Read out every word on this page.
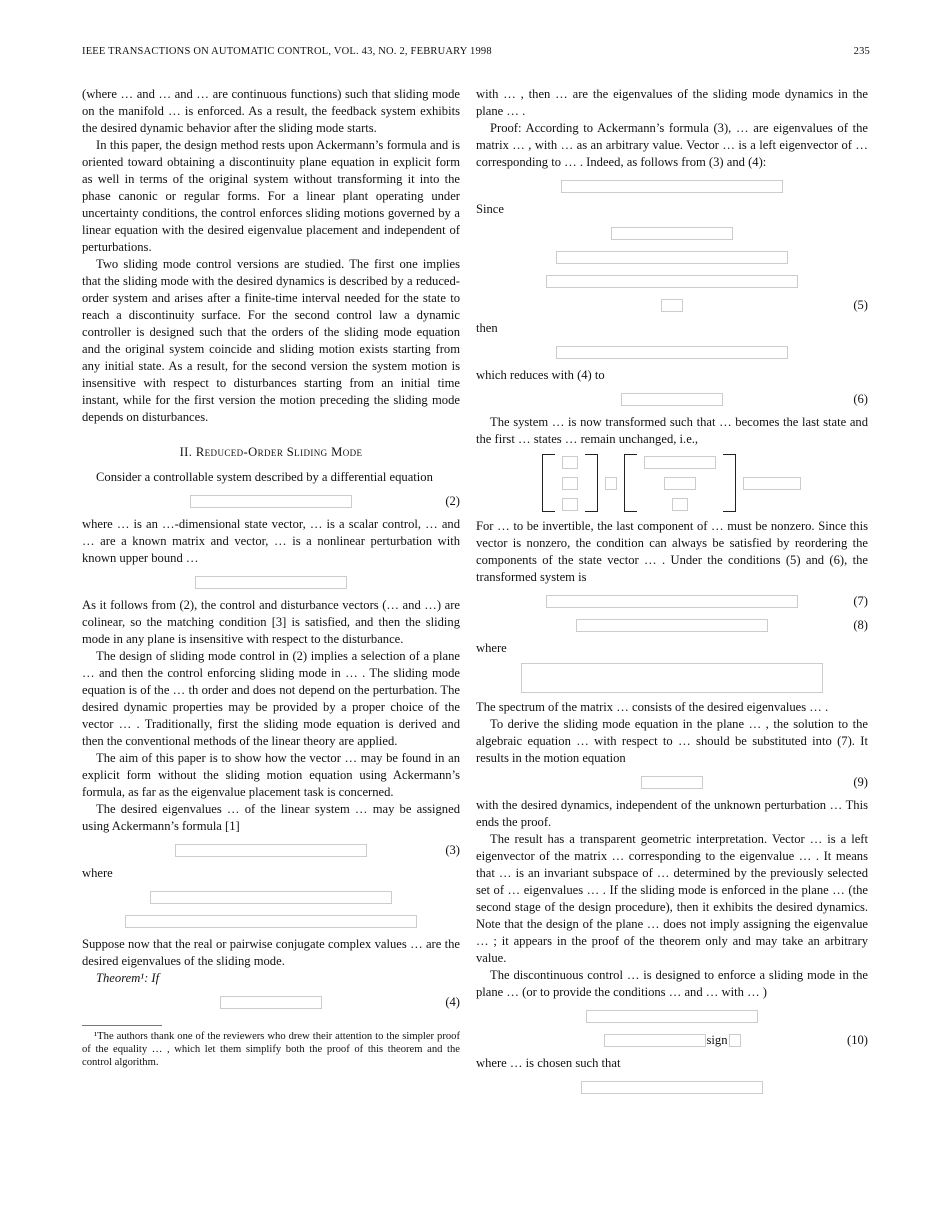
IEEE TRANSACTIONS ON AUTOMATIC CONTROL, VOL. 43, NO. 2, FEBRUARY 1998	235

(where … and … and … are continuous functions) such that sliding mode on the manifold … is enforced. As a result, the feedback system exhibits the desired dynamic behavior after the sliding mode starts.

In this paper, the design method rests upon Ackermann’s formula and is oriented toward obtaining a discontinuity plane equation in explicit form as well in terms of the original system without transforming it into the phase canonic or regular forms. For a linear plant operating under uncertainty conditions, the control enforces sliding motions governed by a linear equation with the desired eigenvalue placement and independent of perturbations.

Two sliding mode control versions are studied. The first one implies that the sliding mode with the desired dynamics is described by a reduced-order system and arises after a finite-time interval needed for the state to reach a discontinuity surface. For the second control law a dynamic controller is designed such that the orders of the sliding mode equation and the original system coincide and sliding motion exists starting from any initial state. As a result, for the second version the system motion is insensitive with respect to disturbances starting from an initial time instant, while for the first version the motion preceding the sliding mode depends on disturbances.

II. Reduced-Order Sliding Mode

Consider a controllable system described by a differential equation

(2)

where … is an …-dimensional state vector, … is a scalar control, … and … are a known matrix and vector, … is a nonlinear perturbation with known upper bound …

As it follows from (2), the control and disturbance vectors (… and …) are colinear, so the matching condition [3] is satisfied, and then the sliding mode in any plane is insensitive with respect to the disturbance.

The design of sliding mode control in (2) implies a selection of a plane … and then the control enforcing sliding mode in … . The sliding mode equation is of the … th order and does not depend on the perturbation. The desired dynamic properties may be provided by a proper choice of the vector … . Traditionally, first the sliding mode equation is derived and then the conventional methods of the linear theory are applied.

The aim of this paper is to show how the vector … may be found in an explicit form without the sliding motion equation using Ackermann’s formula, as far as the eigenvalue placement task is concerned.

The desired eigenvalues … of the linear system … may be assigned using Ackermann’s formula [1]

(3)

where

Suppose now that the real or pairwise conjugate complex values … are the desired eigenvalues of the sliding mode.

Theorem¹: If

(4)

¹The authors thank one of the reviewers who drew their attention to the simpler proof of the equality … , which let them simplify both the proof of this theorem and the control algorithm.

with … , then … are the eigenvalues of the sliding mode dynamics in the plane … .

Proof: According to Ackermann’s formula (3), … are eigenvalues of the matrix … , with … as an arbitrary value. Vector … is a left eigenvector of … corresponding to … . Indeed, as follows from (3) and (4):

Since

(5)

then

which reduces with (4) to

(6)

The system … is now transformed such that … becomes the last state and the first … states … remain unchanged, i.e.,

For … to be invertible, the last component of … must be nonzero. Since this vector is nonzero, the condition can always be satisfied by reordering the components of the state vector … . Under the conditions (5) and (6), the transformed system is

(7)
(8)

where

The spectrum of the matrix … consists of the desired eigenvalues … .

To derive the sliding mode equation in the plane … , the solution to the algebraic equation … with respect to … should be substituted into (7). It results in the motion equation

(9)

with the desired dynamics, independent of the unknown perturbation … This ends the proof.

The result has a transparent geometric interpretation. Vector … is a left eigenvector of the matrix … corresponding to the eigenvalue … . It means that … is an invariant subspace of … determined by the previously selected set of … eigenvalues … . If the sliding mode is enforced in the plane … (the second stage of the design procedure), then it exhibits the desired dynamics. Note that the design of the plane … does not imply assigning the eigenvalue … ; it appears in the proof of the theorem only and may take an arbitrary value.

The discontinuous control … is designed to enforce a sliding mode in the plane … (or to provide the conditions … and … with … )

sign	(10)

where … is chosen such that
